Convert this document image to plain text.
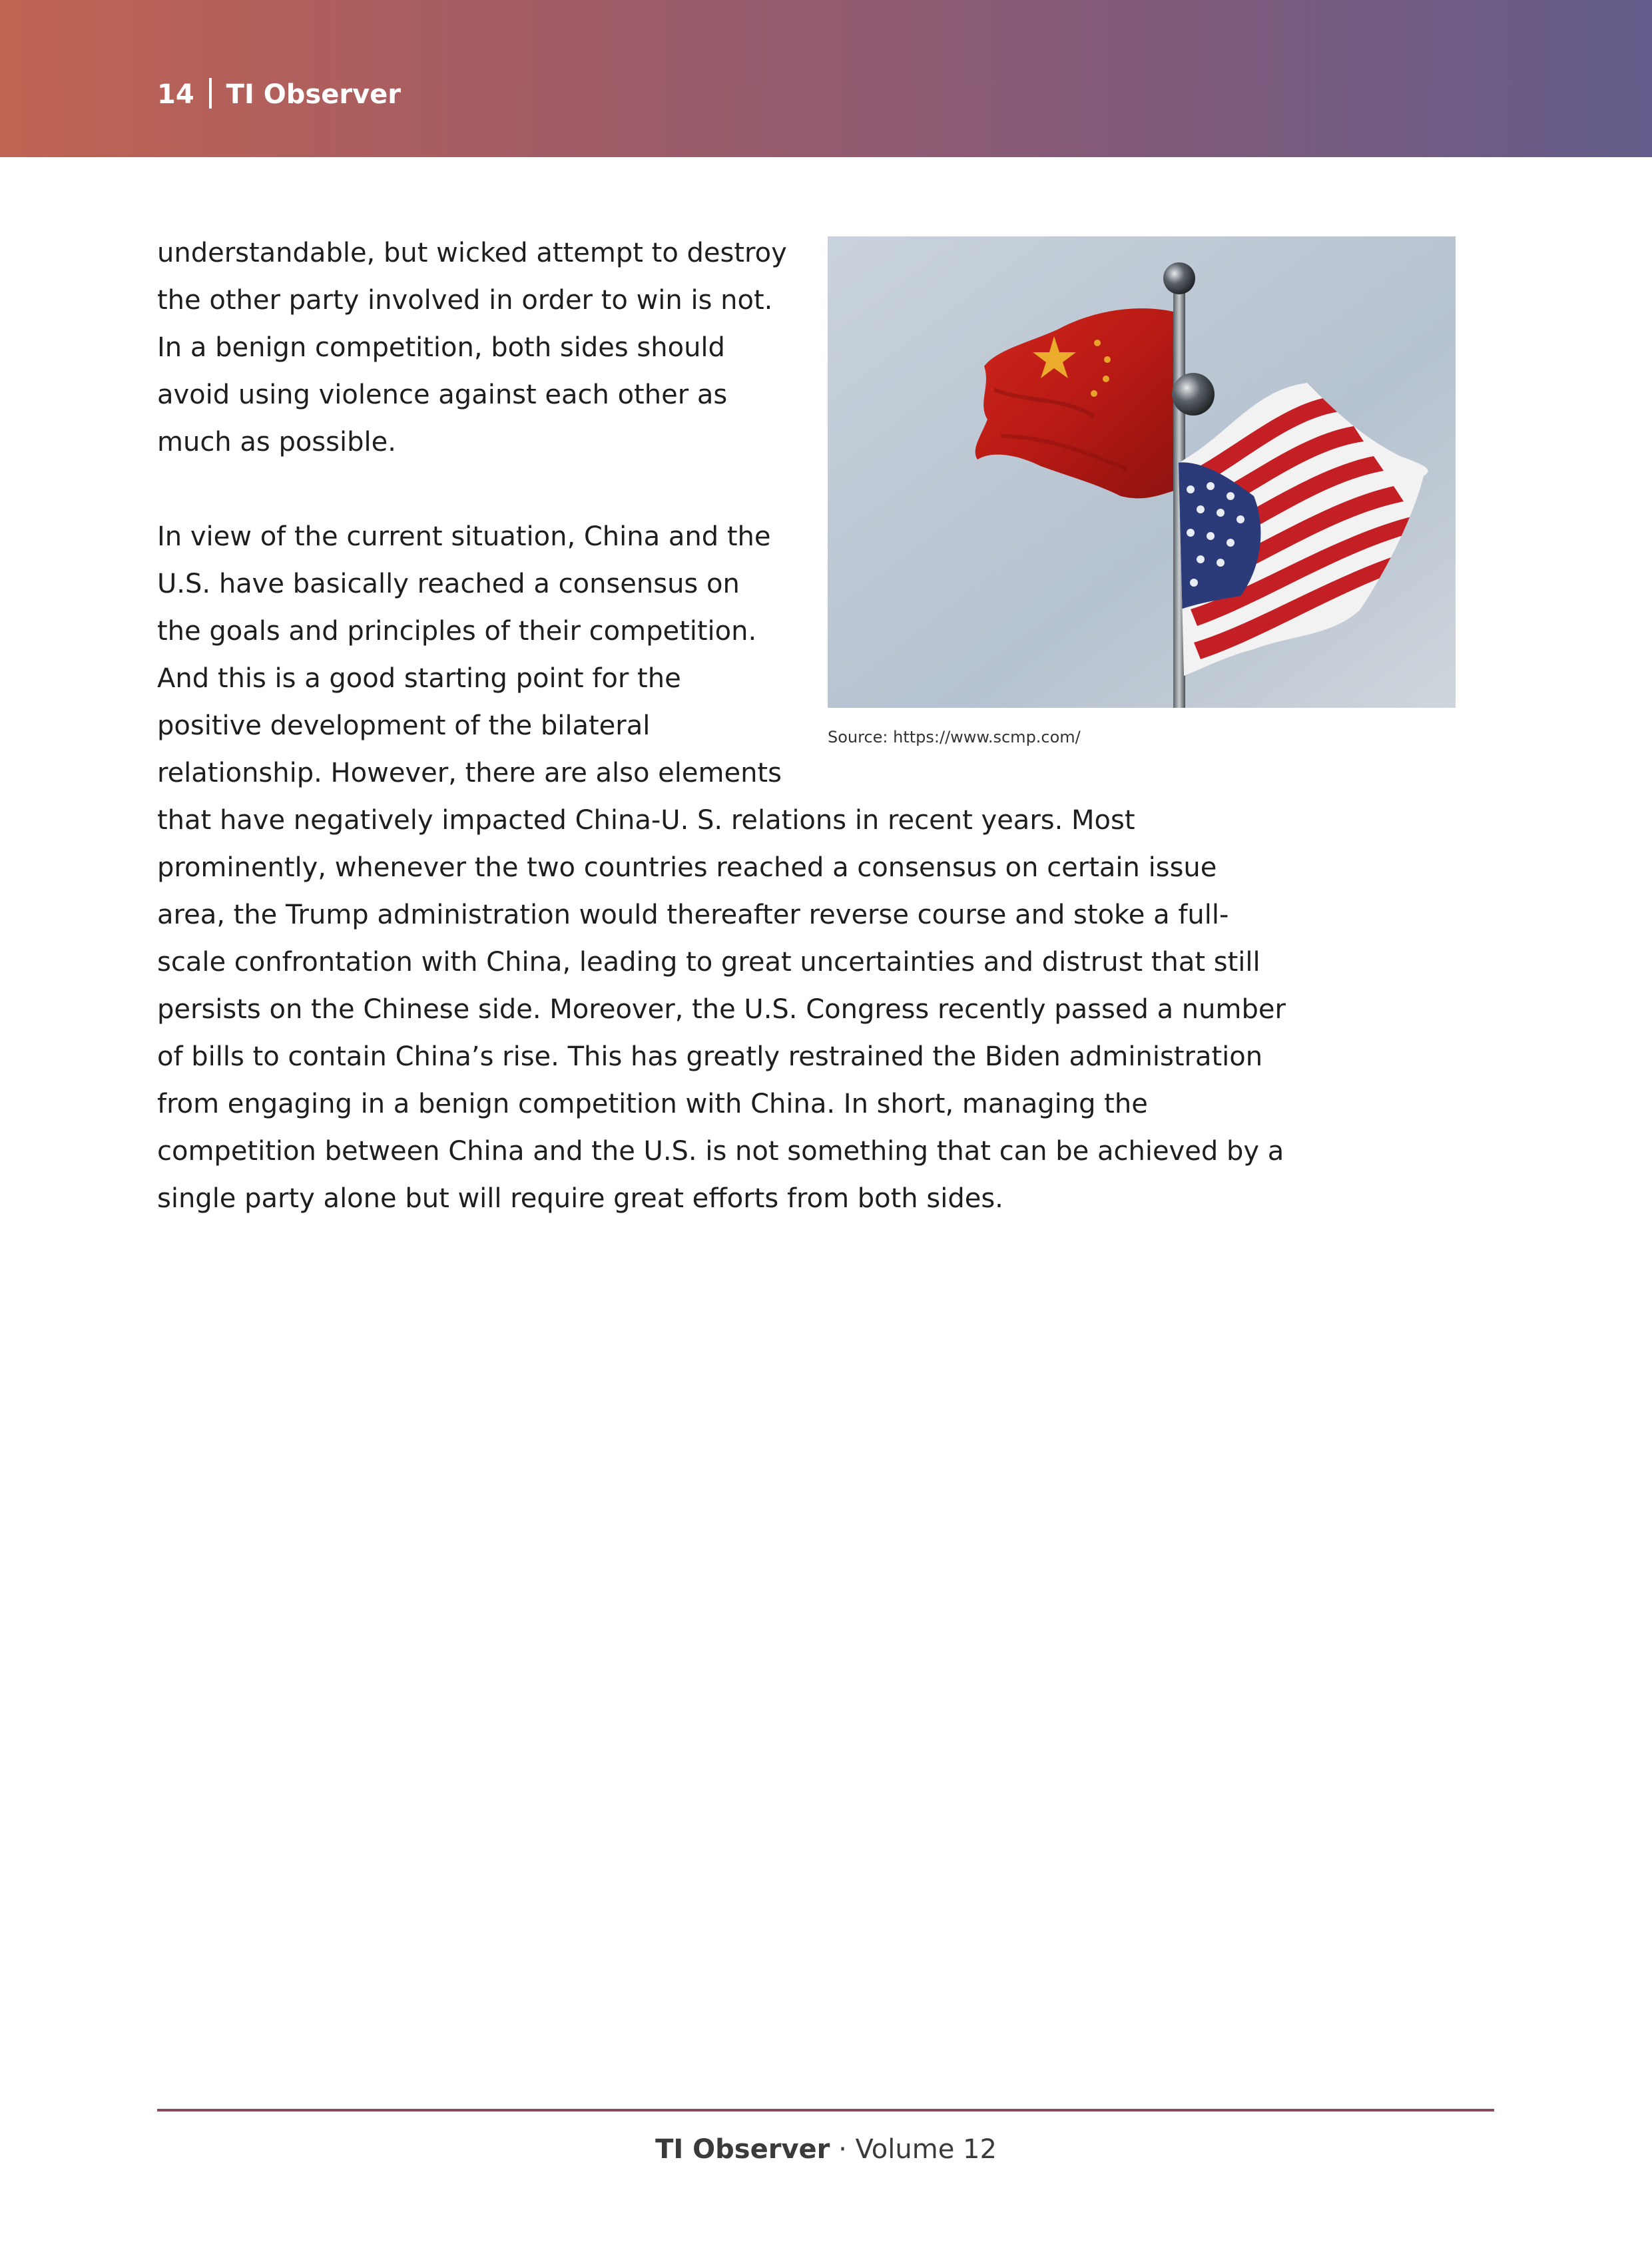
14 TI Observer
Source: https://www.scmp.com/

understandable, but wicked attempt to destroy the other party involved in order to win is not. In a benign competition, both sides should avoid using violence against each other as much as possible.

In view of the current situation, China and the U.S. have basically reached a consensus on the goals and principles of their competition. And this is a good starting point for the positive development of the bilateral relationship. However, there are also elements that have negatively impacted China-U. S. relations in recent years. Most prominently, whenever the two countries reached a consensus on certain issue area, the Trump administration would thereafter reverse course and stoke a full-scale confrontation with China, leading to great uncertainties and distrust that still persists on the Chinese side. Moreover, the U.S. Congress recently passed a number of bills to contain China’s rise. This has greatly restrained the Biden administration from engaging in a benign competition with China. In short, managing the competition between China and the U.S. is not something that can be achieved by a single party alone but will require great efforts from both sides.

TI Observer · Volume 12
